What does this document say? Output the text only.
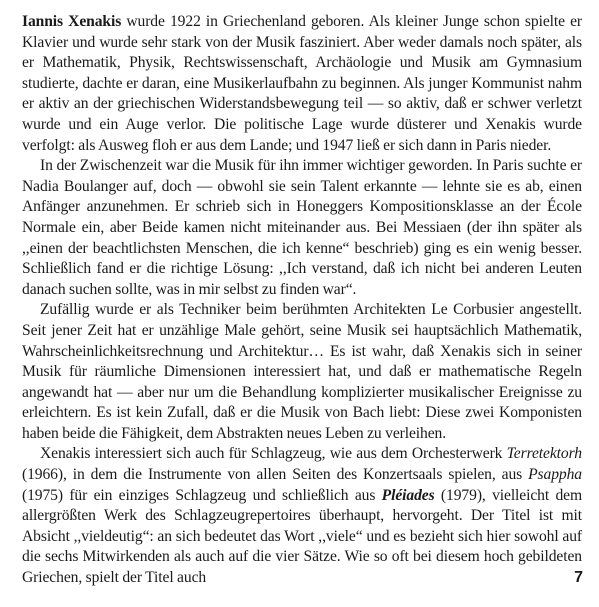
Iannis Xenakis wurde 1922 in Griechenland geboren. Als kleiner Junge schon spielte er Klavier und wurde sehr stark von der Musik fasziniert. Aber weder damals noch später, als er Mathematik, Physik, Rechtswissenschaft, Archäologie und Musik am Gymnasium studierte, dachte er daran, eine Musikerlaufbahn zu beginnen. Als junger Kommunist nahm er aktiv an der griechischen Widerstandsbewegung teil — so aktiv, daß er schwer verletzt wurde und ein Auge verlor. Die politische Lage wurde düsterer und Xenakis wurde verfolgt: als Ausweg floh er aus dem Lande; und 1947 ließ er sich dann in Paris nieder.

In der Zwischenzeit war die Musik für ihn immer wichtiger geworden. In Paris suchte er Nadia Boulanger auf, doch — obwohl sie sein Talent erkannte — lehnte sie es ab, einen Anfänger anzunehmen. Er schrieb sich in Honeggers Kompositionsklasse an der École Normale ein, aber Beide kamen nicht miteinander aus. Bei Messiaen (der ihn später als ,,einen der beachtlichsten Menschen, die ich kenne“ beschrieb) ging es ein wenig besser. Schließlich fand er die richtige Lösung: ,,Ich verstand, daß ich nicht bei anderen Leuten danach suchen sollte, was in mir selbst zu finden war“.

Zufällig wurde er als Techniker beim berühmten Architekten Le Corbusier angestellt. Seit jener Zeit hat er unzählige Male gehört, seine Musik sei hauptsächlich Mathematik, Wahrscheinlichkeitsrechnung und Architektur… Es ist wahr, daß Xenakis sich in seiner Musik für räumliche Dimensionen interessiert hat, und daß er mathematische Regeln angewandt hat — aber nur um die Behandlung komplizierter musikalischer Ereignisse zu erleichtern. Es ist kein Zufall, daß er die Musik von Bach liebt: Diese zwei Komponisten haben beide die Fähigkeit, dem Abstrakten neues Leben zu verleihen.

Xenakis interessiert sich auch für Schlagzeug, wie aus dem Orchesterwerk Terretektorh (1966), in dem die Instrumente von allen Seiten des Konzertsaals spielen, aus Psappha (1975) für ein einziges Schlagzeug und schließlich aus Pléiades (1979), vielleicht dem allergrößten Werk des Schlagzeugrepertoires überhaupt, hervorgeht. Der Titel ist mit Absicht ,,vieldeutig“: an sich bedeutet das Wort ,,viele“ und es bezieht sich hier sowohl auf die sechs Mitwirkenden als auch auf die vier Sätze. Wie so oft bei diesem hoch gebildeten Griechen, spielt der Titel auch	7
